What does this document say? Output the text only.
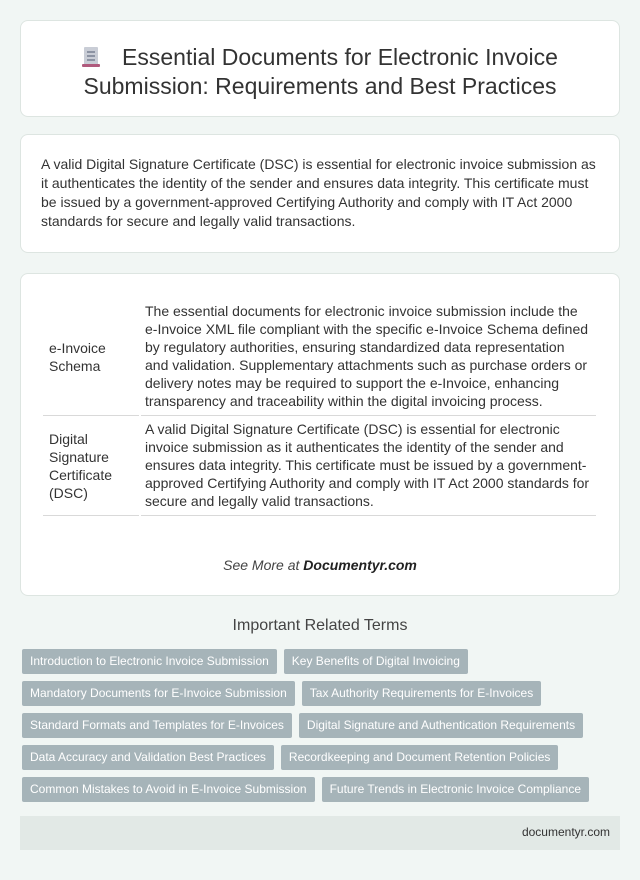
Essential Documents for Electronic Invoice Submission: Requirements and Best Practices

A valid Digital Signature Certificate (DSC) is essential for electronic invoice submission as it authenticates the identity of the sender and ensures data integrity. This certificate must be issued by a government-approved Certifying Authority and comply with IT Act 2000 standards for secure and legally valid transactions.

e-Invoice Schema	The essential documents for electronic invoice submission include the e-Invoice XML file compliant with the specific e-Invoice Schema defined by regulatory authorities, ensuring standardized data representation and validation. Supplementary attachments such as purchase orders or delivery notes may be required to support the e-Invoice, enhancing transparency and traceability within the digital invoicing process.
Digital Signature Certificate (DSC)	A valid Digital Signature Certificate (DSC) is essential for electronic invoice submission as it authenticates the identity of the sender and ensures data integrity. This certificate must be issued by a government-approved Certifying Authority and comply with IT Act 2000 standards for secure and legally valid transactions.
See More at Documentyr.com
Important Related Terms
Introduction to Electronic Invoice Submission	Key Benefits of Digital Invoicing
Mandatory Documents for E-Invoice Submission	Tax Authority Requirements for E-Invoices
Standard Formats and Templates for E-Invoices	Digital Signature and Authentication Requirements
Data Accuracy and Validation Best Practices	Recordkeeping and Document Retention Policies
Common Mistakes to Avoid in E-Invoice Submission	Future Trends in Electronic Invoice Compliance
documentyr.com
